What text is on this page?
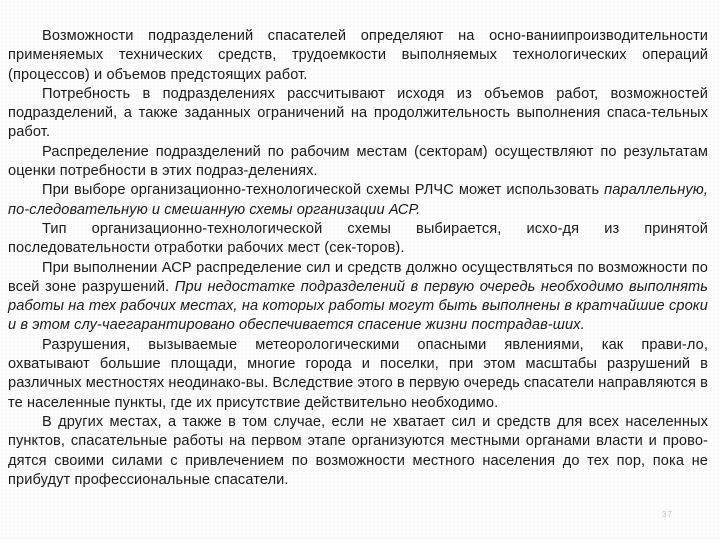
Возможности подразделений спасателей определяют на осно-ваниипроизводительности применяемых технических средств, трудоемкости выполняемых технологических операций (процессов) и объемов предстоящих работ.

Потребность в подразделениях рассчитывают исходя из объемов работ, возможностей подразделений, а также заданных ограничений на продолжительность выполнения спаса-тельных работ.

Распределение подразделений по рабочим местам (секторам) осуществляют по результатам оценки потребности в этих подраз-делениях.

При выборе организационно-технологической схемы РЛЧС может использовать параллельную, по-следовательную и смешанную схемы организации АСР.

Тип организационно-технологической схемы выбирается, исхо-дя из принятой последовательности отработки рабочих мест (сек-торов).

При выполнении АСР распределение сил и средств должно осуществляться по возможности по всей зоне разрушений. При недостатке подразделений в первую очередь необходимо выполнять работы на тех рабочих местах, на которых работы могут быть выполнены в кратчайшие сроки и в этом слу-чаегарантировано обеспечивается спасение жизни пострадав-ших.

Разрушения, вызываемые метеорологическими опасными явлениями, как прави-ло, охватывают большие площади, многие города и поселки, при этом масштабы разрушений в различных местностях неодинако-вы. Вследствие этого в первую очередь спасатели направляются в те населенные пункты, где их присутствие действительно необходимо.

В других местах, а также в том случае, если не хватает сил и средств для всех населенных пунктов, спасательные работы на первом этапе организуются местными органами власти и прово-дятся своими силами с привлечением по возможности местного населения до тех пор, пока не прибудут профессиональные спасатели.

37
